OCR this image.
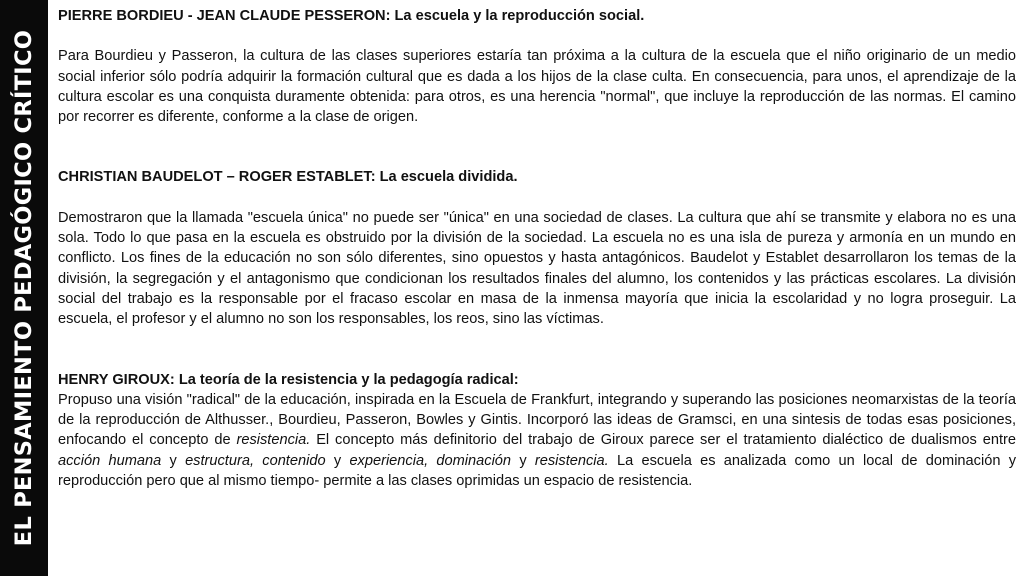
EL PENSAMIENTO PEDAGÓGICO CRÍTICO

PIERRE BORDIEU - JEAN CLAUDE PESSERON: La escuela y la reproducción social.

Para Bourdieu y Passeron, la cultura de las clases superiores estaría tan próxima a la cultura de la escuela que el niño originario de un medio social inferior sólo podría adquirir la formación cultural que es dada a los hijos de la clase culta. En consecuencia, para unos, el aprendizaje de la cultura escolar es una conquista duramente obtenida: para otros, es una herencia "normal", que incluye la reproducción de las normas. El camino por recorrer es diferente, conforme a la clase de origen.

CHRISTIAN BAUDELOT – ROGER ESTABLET: La escuela dividida.

Demostraron que la llamada "escuela única" no puede ser "única" en una sociedad de clases. La cultura que ahí se transmite y elabora no es una sola. Todo lo que pasa en la escuela es obstruido por la división de la sociedad. La escuela no es una isla de pureza y armonía en un mundo en conflicto. Los fines de la educación no son sólo diferentes, sino opuestos y hasta antagónicos. Baudelot y Establet desarrollaron los temas de la división, la segregación y el antagonismo que condicionan los resultados finales del alumno, los contenidos y las prácticas escolares. La división social del trabajo es la responsable por el fracaso escolar en masa de la inmensa mayoría que inicia la escolaridad y no logra proseguir. La escuela, el profesor y el alumno no son los responsables, los reos, sino las víctimas.

HENRY GIROUX: La teoría de la resistencia y la pedagogía radical:

Propuso una visión "radical" de la educación, inspirada en la Escuela de Frankfurt, integrando y superando las posiciones neomarxistas de la teoría de la reproducción de Althusser., Bourdieu, Passeron, Bowles y Gintis. Incorporó las ideas de Gramsci, en una sintesis de todas esas posiciones, enfocando el concepto de resistencia. El concepto más definitorio del trabajo de Giroux parece ser el tratamiento dialéctico de dualismos entre acción humana y estructura, contenido y experiencia, dominación y resistencia. La escuela es analizada como un local de dominación y reproducción pero que al mismo tiempo- permite a las clases oprimidas un espacio de resistencia.
